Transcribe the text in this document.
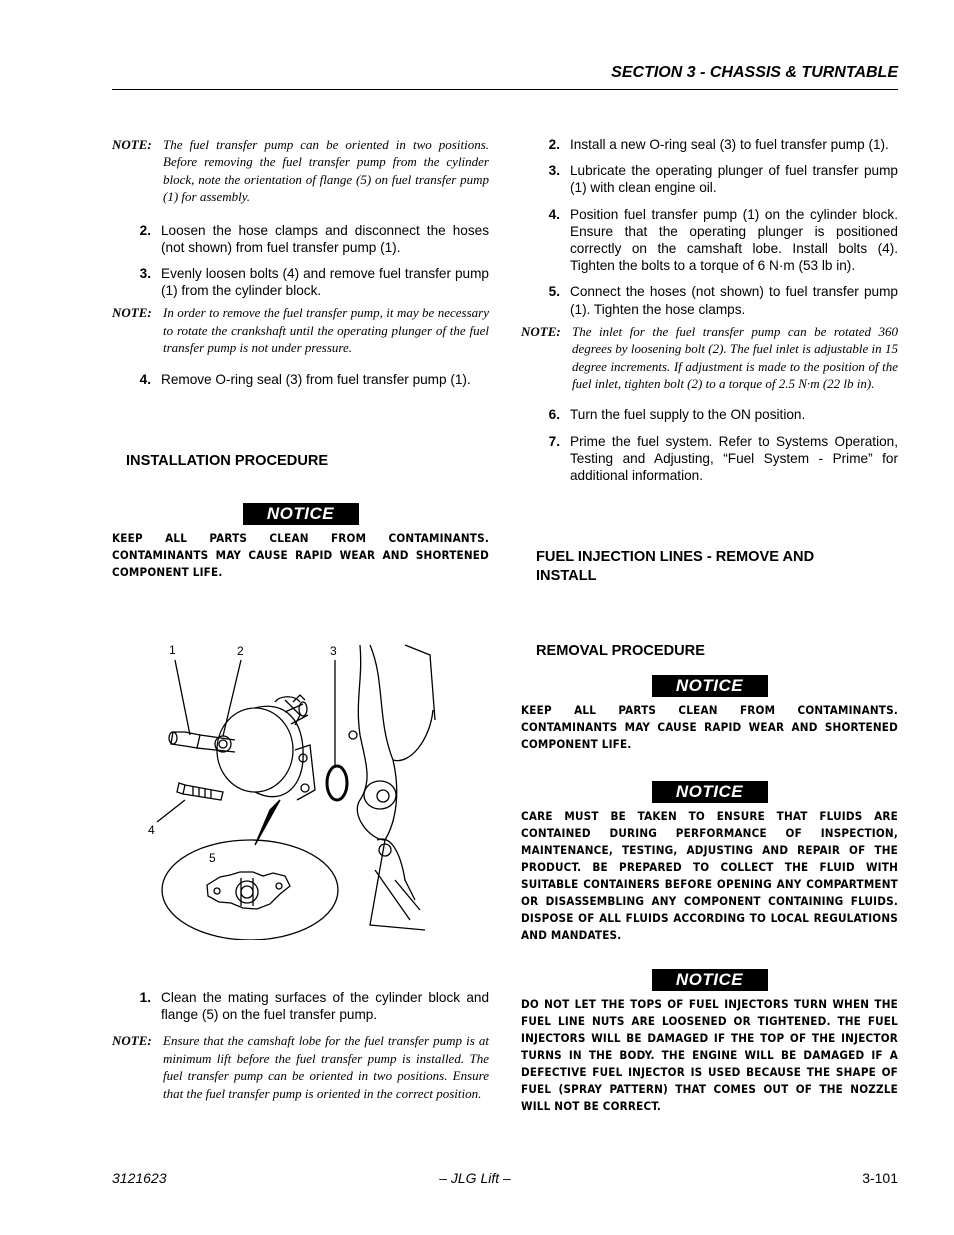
SECTION 3 - CHASSIS & TURNTABLE
NOTE: The fuel transfer pump can be oriented in two positions. Before removing the fuel transfer pump from the cylinder block, note the orientation of flange (5) on fuel transfer pump (1) for assembly.
2. Loosen the hose clamps and disconnect the hoses (not shown) from fuel transfer pump (1).
3. Evenly loosen bolts (4) and remove fuel transfer pump (1) from the cylinder block.
NOTE: In order to remove the fuel transfer pump, it may be necessary to rotate the crankshaft until the operating plunger of the fuel transfer pump is not under pressure.
4. Remove O-ring seal (3) from fuel transfer pump (1).
INSTALLATION PROCEDURE
NOTICE
KEEP ALL PARTS CLEAN FROM CONTAMINANTS. CONTAMINANTS MAY CAUSE RAPID WEAR AND SHORTENED COMPONENT LIFE.
1	2	3
4
5
1. Clean the mating surfaces of the cylinder block and flange (5) on the fuel transfer pump.
NOTE: Ensure that the camshaft lobe for the fuel transfer pump is at minimum lift before the fuel transfer pump is installed. The fuel transfer pump can be oriented in two positions. Ensure that the fuel transfer pump is oriented in the correct position.
2. Install a new O-ring seal (3) to fuel transfer pump (1).
3. Lubricate the operating plunger of fuel transfer pump (1) with clean engine oil.
4. Position fuel transfer pump (1) on the cylinder block. Ensure that the operating plunger is positioned correctly on the camshaft lobe. Install bolts (4). Tighten the bolts to a torque of 6 N·m (53 lb in).
5. Connect the hoses (not shown) to fuel transfer pump (1). Tighten the hose clamps.
NOTE: The inlet for the fuel transfer pump can be rotated 360 degrees by loosening bolt (2). The fuel inlet is adjustable in 15 degree increments. If adjustment is made to the position of the fuel inlet, tighten bolt (2) to a torque of 2.5 N·m (22 lb in).
6. Turn the fuel supply to the ON position.
7. Prime the fuel system. Refer to Systems Operation, Testing and Adjusting, “Fuel System - Prime” for additional information.
FUEL INJECTION LINES - REMOVE AND INSTALL
REMOVAL PROCEDURE
NOTICE
KEEP ALL PARTS CLEAN FROM CONTAMINANTS. CONTAMINANTS MAY CAUSE RAPID WEAR AND SHORTENED COMPONENT LIFE.
NOTICE
CARE MUST BE TAKEN TO ENSURE THAT FLUIDS ARE CONTAINED DURING PERFORMANCE OF INSPECTION, MAINTENANCE, TESTING, ADJUSTING AND REPAIR OF THE PRODUCT. BE PREPARED TO COLLECT THE FLUID WITH SUITABLE CONTAINERS BEFORE OPENING ANY COMPARTMENT OR DISASSEMBLING ANY COMPONENT CONTAINING FLUIDS. DISPOSE OF ALL FLUIDS ACCORDING TO LOCAL REGULATIONS AND MANDATES.
NOTICE
DO NOT LET THE TOPS OF FUEL INJECTORS TURN WHEN THE FUEL LINE NUTS ARE LOOSENED OR TIGHTENED. THE FUEL INJECTORS WILL BE DAMAGED IF THE TOP OF THE INJECTOR TURNS IN THE BODY. THE ENGINE WILL BE DAMAGED IF A DEFECTIVE FUEL INJECTOR IS USED BECAUSE THE SHAPE OF FUEL (SPRAY PATTERN) THAT COMES OUT OF THE NOZZLE WILL NOT BE CORRECT.
3121623	– JLG Lift –	3-101
